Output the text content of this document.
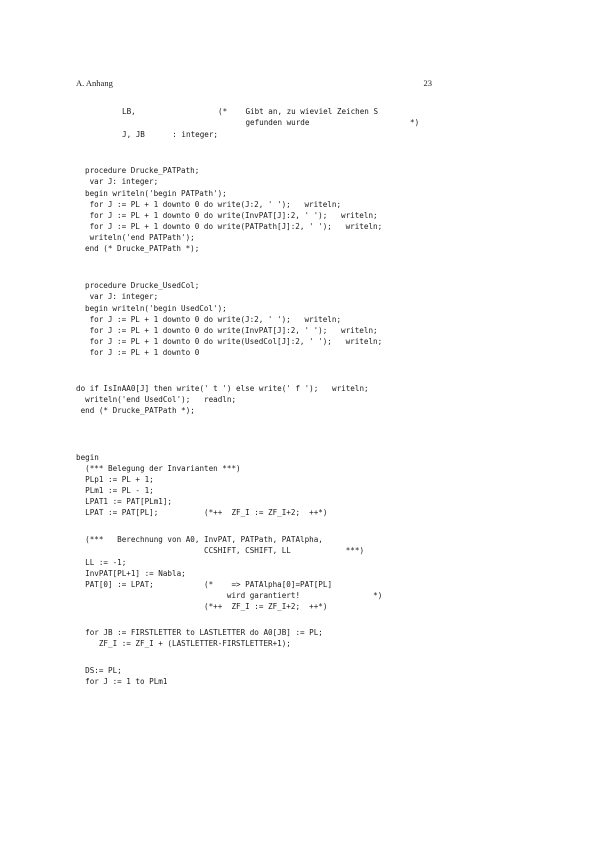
A. Anhang	23
LB,                  (*    Gibt an, zu wieviel Zeichen S
gefunden wurde                      *)
J, JB      : integer;
procedure Drucke_PATPath;
var J: integer;
begin writeln('begin PATPath');
for J := PL + 1 downto 0 do write(J:2, ' ');   writeln;
for J := PL + 1 downto 0 do write(InvPAT[J]:2, ' ');   writeln;
for J := PL + 1 downto 0 do write(PATPath[J]:2, ' ');   writeln;
writeln('end PATPath');
end (* Drucke_PATPath *);
procedure Drucke_UsedCol;
var J: integer;
begin writeln('begin UsedCol');
for J := PL + 1 downto 0 do write(J:2, ' ');   writeln;
for J := PL + 1 downto 0 do write(InvPAT[J]:2, ' ');   writeln;
for J := PL + 1 downto 0 do write(UsedCol[J]:2, ' ');   writeln;
for J := PL + 1 downto 0
do if IsInAA0[J] then write(' t ') else write(' f ');   writeln;
writeln('end UsedCol');   readln;
end (* Drucke_PATPath *);
begin
(*** Belegung der Invarianten ***)
PLp1 := PL + 1;
PLm1 := PL - 1;
LPAT1 := PAT[PLm1];
LPAT := PAT[PL];          (*++  ZF_I := ZF_I+2;  ++*)
(***   Berechnung von A0, InvPAT, PATPath, PATAlpha,
CCSHIFT, CSHIFT, LL            ***)
LL := -1;
InvPAT[PL+1] := Nabla;
PAT[0] := LPAT;           (*    => PATAlpha[0]=PAT[PL]
wird garantiert!                *)
(*++  ZF_I := ZF_I+2;  ++*)
for JB := FIRSTLETTER to LASTLETTER do A0[JB] := PL;
ZF_I := ZF_I + (LASTLETTER-FIRSTLETTER+1);
DS:= PL;
for J := 1 to PLm1
